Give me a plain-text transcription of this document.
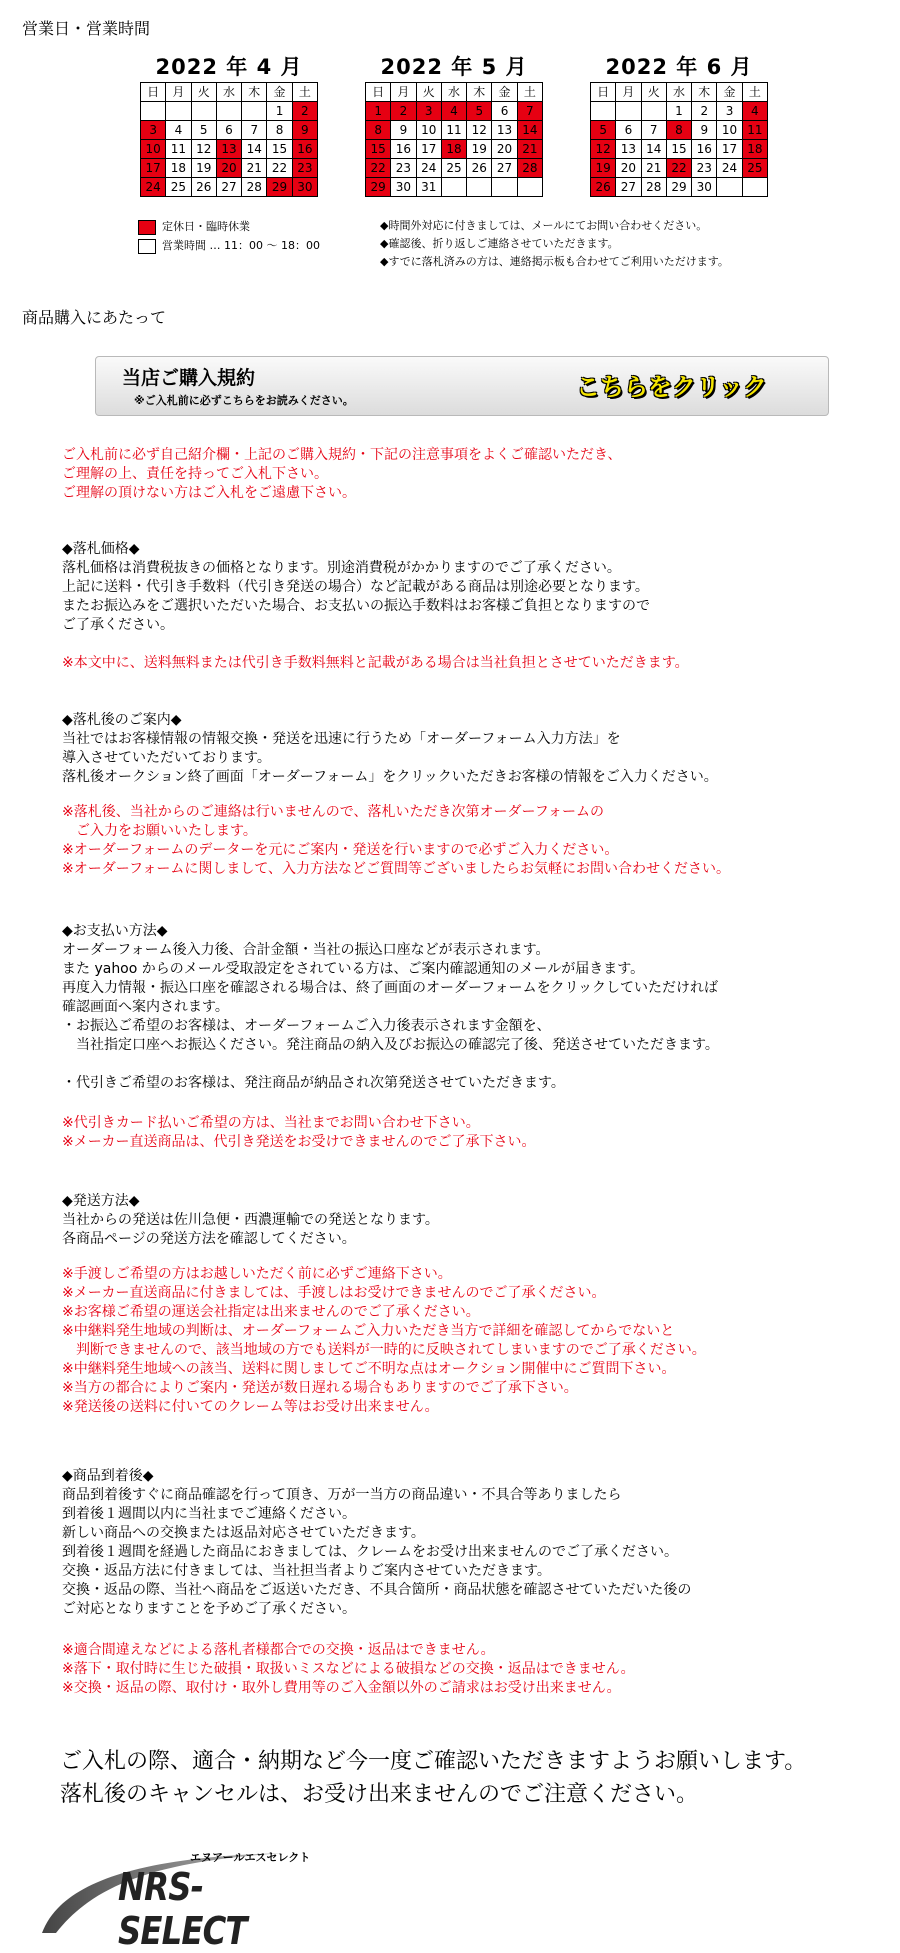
営業日・営業時間
2022 年 4 月
日	月	火	水	木	金	土
					1	2
3	4	5	6	7	8	9
10	11	12	13	14	15	16
17	18	19	20	21	22	23
24	25	26	27	28	29	30
2022 年 5 月
日	月	火	水	木	金	土
1	2	3	4	5	6	7
8	9	10	11	12	13	14
15	16	17	18	19	20	21
22	23	24	25	26	27	28
29	30	31				
2022 年 6 月
日	月	火	水	木	金	土
			1	2	3	4
5	6	7	8	9	10	11
12	13	14	15	16	17	18
19	20	21	22	23	24	25
26	27	28	29	30		
定休日・臨時休業
営業時間 … 11：00 〜 18：00
◆時間外対応に付きましては、メールにてお問い合わせください。
◆確認後、折り返しご連絡させていただきます。
◆すでに落札済みの方は、連絡掲示板も合わせてご利用いただけます。
商品購入にあたって
当店ご購入規約
※ご入札前に必ずこちらをお読みください。	こちらをクリック
ご入札前に必ず自己紹介欄・上記のご購入規約・下記の注意事項をよくご確認いただき、
ご理解の上、責任を持ってご入札下さい。
ご理解の頂けない方はご入札をご遠慮下さい。
◆落札価格◆
落札価格は消費税抜きの価格となります。別途消費税がかかりますのでご了承ください。
上記に送料・代引き手数料（代引き発送の場合）など記載がある商品は別途必要となります。
またお振込みをご選択いただいた場合、お支払いの振込手数料はお客様ご負担となりますので
ご了承ください。
※本文中に、送料無料または代引き手数料無料と記載がある場合は当社負担とさせていただきます。
◆落札後のご案内◆
当社ではお客様情報の情報交換・発送を迅速に行うため「オーダーフォーム入力方法」を
導入させていただいております。
落札後オークション終了画面「オーダーフォーム」をクリックいただきお客様の情報をご入力ください。
※落札後、当社からのご連絡は行いませんので、落札いただき次第オーダーフォームの
　ご入力をお願いいたします。
※オーダーフォームのデーターを元にご案内・発送を行いますので必ずご入力ください。
※オーダーフォームに関しまして、入力方法などご質問等ございましたらお気軽にお問い合わせください。
◆お支払い方法◆
オーダーフォーム後入力後、合計金額・当社の振込口座などが表示されます。
また yahoo からのメール受取設定をされている方は、ご案内確認通知のメールが届きます。
再度入力情報・振込口座を確認される場合は、終了画面のオーダーフォームをクリックしていただければ
確認画面へ案内されます。
・お振込ご希望のお客様は、オーダーフォームご入力後表示されます金額を、
　当社指定口座へお振込ください。発注商品の納入及びお振込の確認完了後、発送させていただきます。

・代引きご希望のお客様は、発注商品が納品され次第発送させていただきます。
※代引きカード払いご希望の方は、当社までお問い合わせ下さい。
※メーカー直送商品は、代引き発送をお受けできませんのでご了承下さい。
◆発送方法◆
当社からの発送は佐川急便・西濃運輸での発送となります。
各商品ページの発送方法を確認してください。
※手渡しご希望の方はお越しいただく前に必ずご連絡下さい。
※メーカー直送商品に付きましては、手渡しはお受けできませんのでご了承ください。
※お客様ご希望の運送会社指定は出来ませんのでご了承ください。
※中継料発生地域の判断は、オーダーフォームご入力いただき当方で詳細を確認してからでないと
　判断できませんので、該当地域の方でも送料が一時的に反映されてしまいますのでご了承ください。
※中継料発生地域への該当、送料に関しましてご不明な点はオークション開催中にご質問下さい。
※当方の都合によりご案内・発送が数日遅れる場合もありますのでご了承下さい。
※発送後の送料に付いてのクレーム等はお受け出来ません。
◆商品到着後◆
商品到着後すぐに商品確認を行って頂き、万が一当方の商品違い・不具合等ありましたら
到着後１週間以内に当社までご連絡ください。
新しい商品への交換または返品対応させていただきます。
到着後１週間を経過した商品におきましては、クレームをお受け出来ませんのでご了承ください。
交換・返品方法に付きましては、当社担当者よりご案内させていただきます。
交換・返品の際、当社へ商品をご返送いただき、不具合箇所・商品状態を確認させていただいた後の
ご対応となりますことを予めご了承ください。
※適合間違えなどによる落札者様都合での交換・返品はできません。
※落下・取付時に生じた破損・取扱いミスなどによる破損などの交換・返品はできません。
※交換・返品の際、取付け・取外し費用等のご入金額以外のご請求はお受け出来ません。
ご入札の際、適合・納期など今一度ご確認いただきますようお願いします。
落札後のキャンセルは、お受け出来ませんのでご注意ください。
エヌアールエスセレクト
NRS-SELECT
